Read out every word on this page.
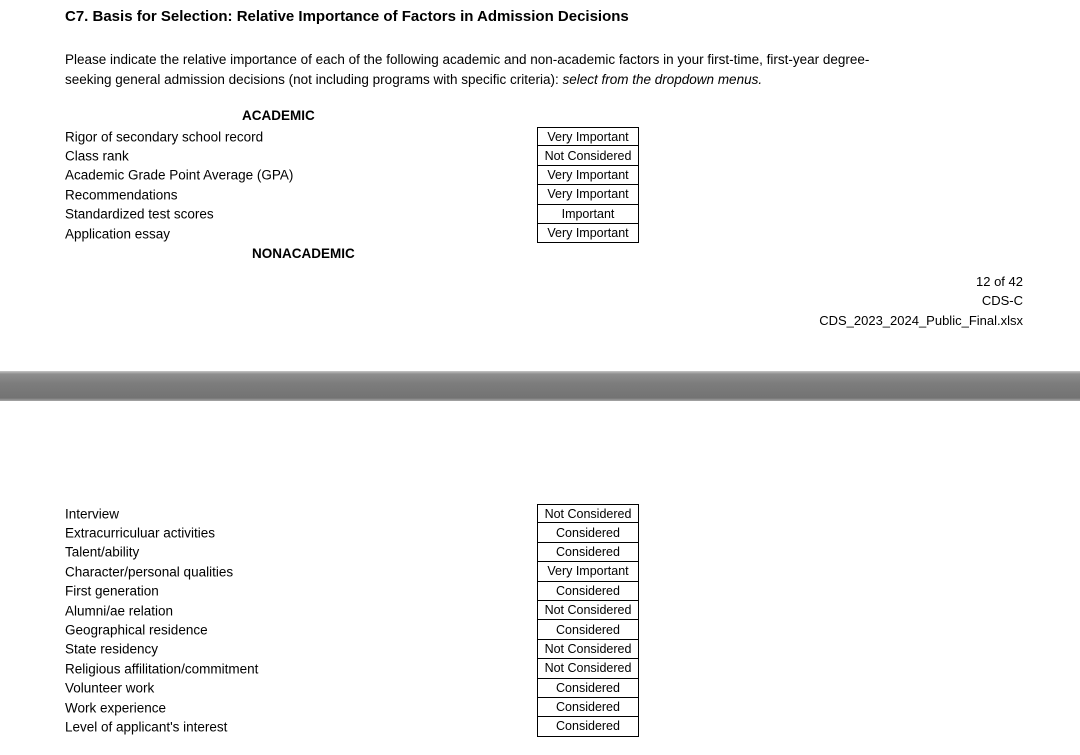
C7. Basis for Selection: Relative Importance of Factors in Admission Decisions
Please indicate the relative importance of each of the following academic and non-academic factors in your first-time, first-year degree-seeking general admission decisions (not including programs with specific criteria): select from the dropdown menus.
ACADEMIC
Rigor of secondary school record	Very Important
Class rank	Not Considered
Academic Grade Point Average (GPA)	Very Important
Recommendations	Very Important
Standardized test scores	Important
Application essay	Very Important
NONACADEMIC
12 of 42
CDS-C
CDS_2023_2024_Public_Final.xlsx
Interview	Not Considered
Extracurriculuar activities	Considered
Talent/ability	Considered
Character/personal qualities	Very Important
First generation	Considered
Alumni/ae relation	Not Considered
Geographical residence	Considered
State residency	Not Considered
Religious affilitation/commitment	Not Considered
Volunteer work	Considered
Work experience	Considered
Level of applicant's interest	Considered
